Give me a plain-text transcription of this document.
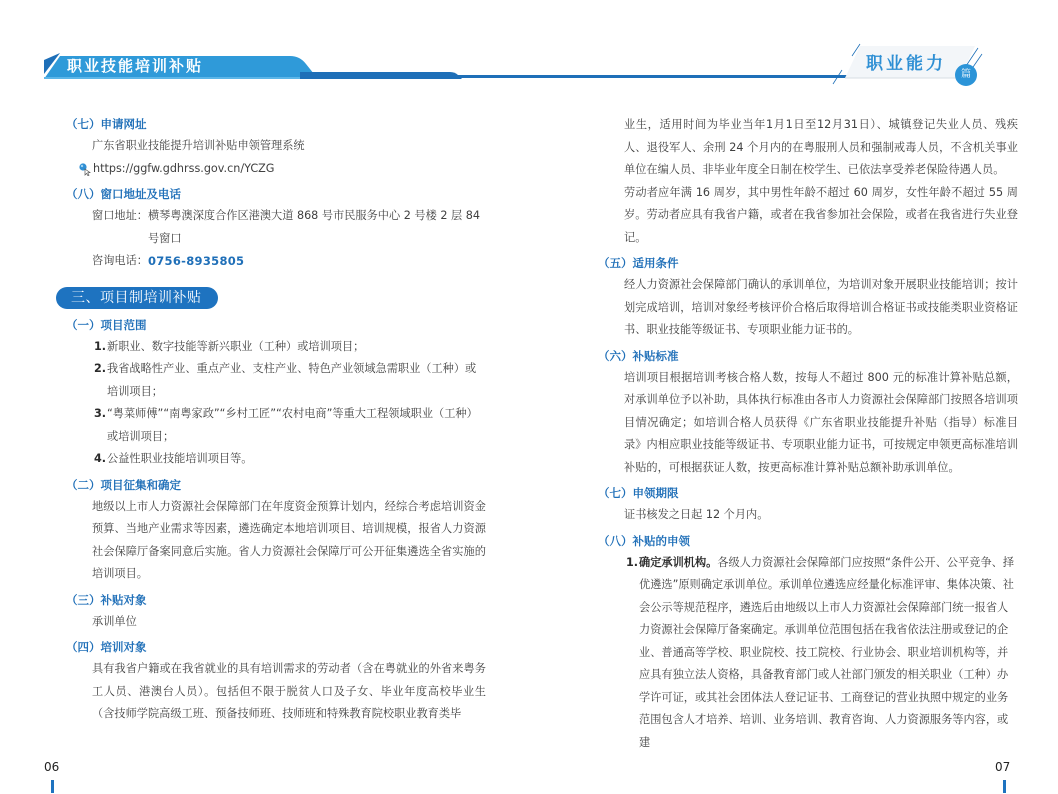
职业技能培训补贴	职业能力
篇
（七）申请网址
广东省职业技能提升培训补贴申领管理系统
https://ggfw.gdhrss.gov.cn/YCZG
（八）窗口地址及电话
窗口地址： 横琴粤澳深度合作区港澳大道 868 号市民服务中心 2 号楼 2 层 84 号窗口
咨询电话： 0756-8935805
三、项目制培训补贴
（一）项目范围
1. 新职业、数字技能等新兴职业（工种）或培训项目；
2. 我省战略性产业、重点产业、支柱产业、特色产业领域急需职业（工种）或培训项目；
3. “粤菜师傅”“南粤家政”“乡村工匠”“农村电商”等重大工程领域职业（工种）或培训项目；
4. 公益性职业技能培训项目等。
（二）项目征集和确定
地级以上市人力资源社会保障部门在年度资金预算计划内，经综合考虑培训资金预算、当地产业需求等因素，遴选确定本地培训项目、培训规模，报省人力资源社会保障厅备案同意后实施。省人力资源社会保障厅可公开征集遴选全省实施的培训项目。
（三）补贴对象
承训单位
（四）培训对象
具有我省户籍或在我省就业的具有培训需求的劳动者（含在粤就业的外省来粤务工人员、港澳台人员）。包括但不限于脱贫人口及子女、毕业年度高校毕业生（含技师学院高级工班、预备技师班、技师班和特殊教育院校职业教育类毕
业生，适用时间为毕业当年1月1日至12月31日）、城镇登记失业人员、残疾人、退役军人、余刑 24 个月内的在粤服刑人员和强制戒毒人员，不含机关事业单位在编人员、非毕业年度全日制在校学生、已依法享受养老保险待遇人员。
劳动者应年满 16 周岁，其中男性年龄不超过 60 周岁，女性年龄不超过 55 周岁。劳动者应具有我省户籍，或者在我省参加社会保险，或者在我省进行失业登记。
（五）适用条件
经人力资源社会保障部门确认的承训单位，为培训对象开展职业技能培训；按计划完成培训，培训对象经考核评价合格后取得培训合格证书或技能类职业资格证书、职业技能等级证书、专项职业能力证书的。
（六）补贴标准
培训项目根据培训考核合格人数，按每人不超过 800 元的标准计算补贴总额，对承训单位予以补助，具体执行标准由各市人力资源社会保障部门按照各培训项目情况确定；如培训合格人员获得《广东省职业技能提升补贴（指导）标准目录》内相应职业技能等级证书、专项职业能力证书，可按规定申领更高标准培训补贴的，可根据获证人数，按更高标准计算补贴总额补助承训单位。
（七）申领期限
证书核发之日起 12 个月内。
（八）补贴的申领
1. 确定承训机构。各级人力资源社会保障部门应按照“条件公开、公平竞争、择优遴选”原则确定承训单位。承训单位遴选应经量化标准评审、集体决策、社会公示等规范程序，遴选后由地级以上市人力资源社会保障部门统一报省人力资源社会保障厅备案确定。承训单位范围包括在我省依法注册或登记的企业、普通高等学校、职业院校、技工院校、行业协会、职业培训机构等，并应具有独立法人资格，具备教育部门或人社部门颁发的相关职业（工种）办学许可证，或其社会团体法人登记证书、工商登记的营业执照中规定的业务范围包含人才培养、培训、业务培训、教育咨询、人力资源服务等内容，或建
06	07
